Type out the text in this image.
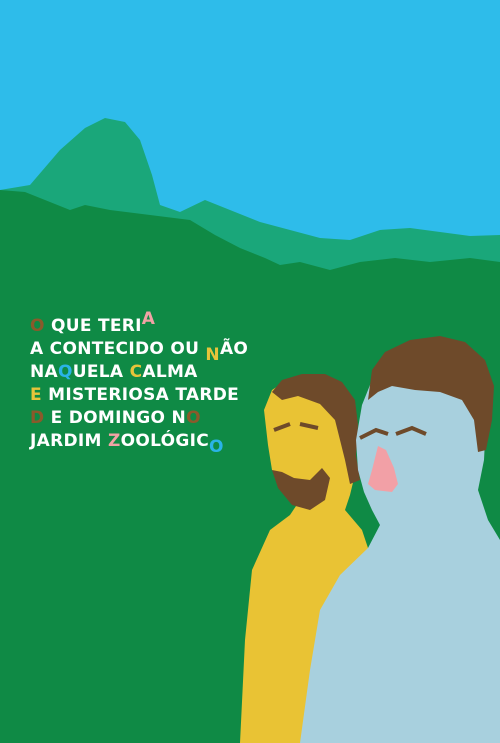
O QUE TERIA
A CONTECIDO OU NÃO
NAQUELA CALMA
E MISTERIOSA TARDE
D E DOMINGO NO
JARDIM ZOOLÓGICO
